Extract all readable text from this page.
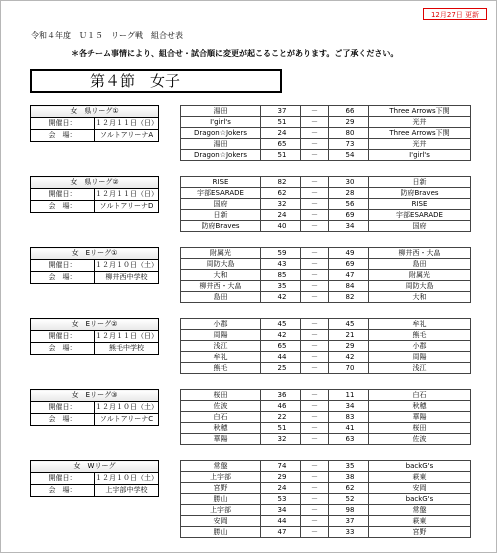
12月27日 更新
令和４年度　Ｕ１５　リーグ戦　組合せ表
＊各チーム事情により、組合せ・試合順に変更が起こることがあります。ご了承ください。
第４節　女子
女　県リーグ①	
開催日：	１２月１１日（日）
会　場：	ソルトアリーナA
湯田	37	－	66	Three Arrows下関
I'girl's	51	－	29	光井
Dragon☆Jokers	24	－	80	Three Arrows下関
湯田	65	－	73	光井
Dragon☆Jokers	51	－	54	I'girl's
女　県リーグ②	
開催日：	１２月１１日（日）
会　場：	ソルトアリーナD
RISE	82	－	30	日新
宇部ESARADE	62	－	28	防府Braves
国府	32	－	56	RISE
日新	24	－	69	宇部ESARADE
防府Braves	40	－	34	国府
女　Eリーグ①	
開催日：	１２月１０日（土）
会　場：	柳井西中学校
附属光	59	－	49	柳井西・大畠
周防大島	43	－	69	島田
大和	85	－	47	附属光
柳井西・大畠	35	－	84	周防大島
島田	42	－	82	大和
女　Eリーグ②	
開催日：	１２月１１日（日）
会　場：	熊毛中学校
小郡	45	－	45	牟礼
周陽	42	－	21	熊毛
浅江	65	－	29	小郡
牟礼	44	－	42	周陽
熊毛	25	－	70	浅江
女　Eリーグ③	
開催日：	１２月１０日（土）
会　場：	ソルトアリーナC
桜田	36	－	11	白石
佐波	46	－	34	秋穂
白石	22	－	83	華陽
秋穂	51	－	41	桜田
華陽	32	－	63	佐波
女　Wリーグ	
開催日：	１２月１０日（土）
会　場：	上宇部中学校
常盤	74	－	35	backG's
上宇部	29	－	38	萩東
宮野	24	－	62	安岡
勝山	53	－	52	backG's
上宇部	34	－	98	常盤
安岡	44	－	37	萩東
勝山	47	－	33	宮野
